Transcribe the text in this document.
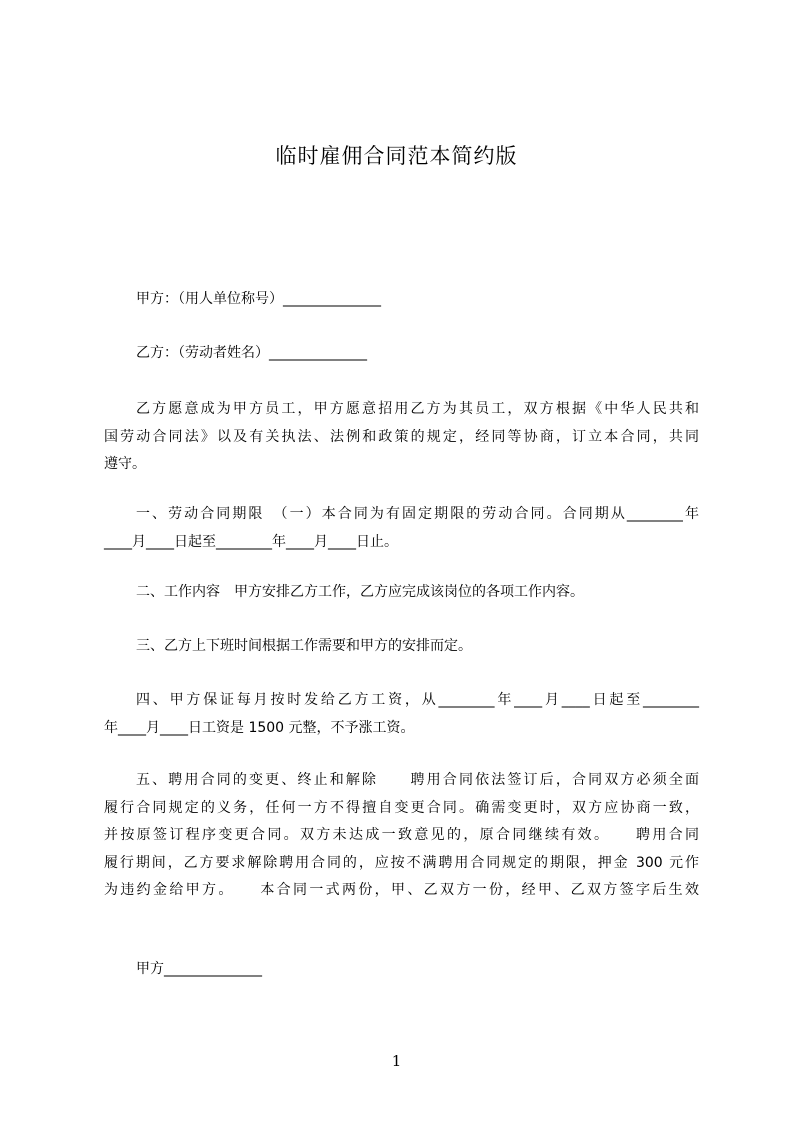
临时雇佣合同范本简约版
甲方：（用人单位称号）______________
乙方：（劳动者姓名）______________
乙方愿意成为甲方员工，甲方愿意招用乙方为其员工，双方根据《中华人民共和
国劳动合同法》以及有关执法、法例和政策的规定，经同等协商，订立本合同，共同
遵守。
一、劳动合同期限　（一）本合同为有固定期限的劳动合同。合同期从________年
____月____日起至________年____月____日止。
二、工作内容　甲方安排乙方工作，乙方应完成该岗位的各项工作内容。
三、乙方上下班时间根据工作需要和甲方的安排而定。
四、甲方保证每月按时发给乙方工资，从________年____月____日起至________
年____月____日工资是 1500 元整，不予涨工资。
五、聘用合同的变更、终止和解除　　聘用合同依法签订后，合同双方必须全面
履行合同规定的义务，任何一方不得擅自变更合同。确需变更时，双方应协商一致，
并按原签订程序变更合同。双方未达成一致意见的，原合同继续有效。　　聘用合同
履行期间，乙方要求解除聘用合同的，应按不满聘用合同规定的期限，押金 300 元作
为违约金给甲方。　　本合同一式两份，甲、乙双方一份，经甲、乙双方签字后生效
甲方______________
1
